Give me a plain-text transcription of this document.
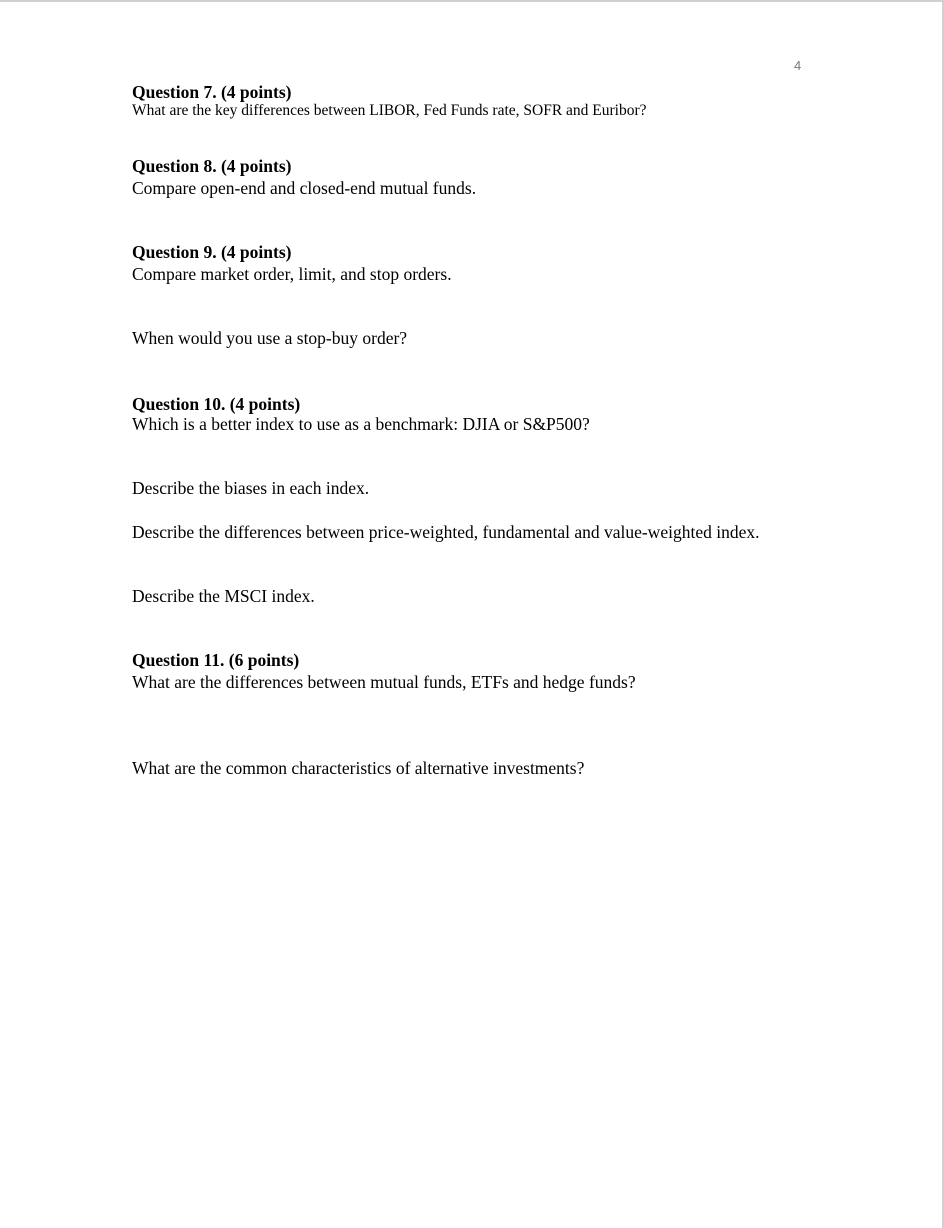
4
Question 7. (4 points)
What are the key differences between LIBOR, Fed Funds rate, SOFR and Euribor?
Question 8. (4 points)
Compare open-end and closed-end mutual funds.
Question 9. (4 points)
Compare market order, limit, and stop orders.
When would you use a stop-buy order?
Question 10. (4 points)
Which is a better index to use as a benchmark: DJIA or S&P500?
Describe the biases in each index.
Describe the differences between price-weighted, fundamental and value-weighted index.
Describe the MSCI index.
Question 11. (6 points)
What are the differences between mutual funds, ETFs and hedge funds?
What are the common characteristics of alternative investments?
